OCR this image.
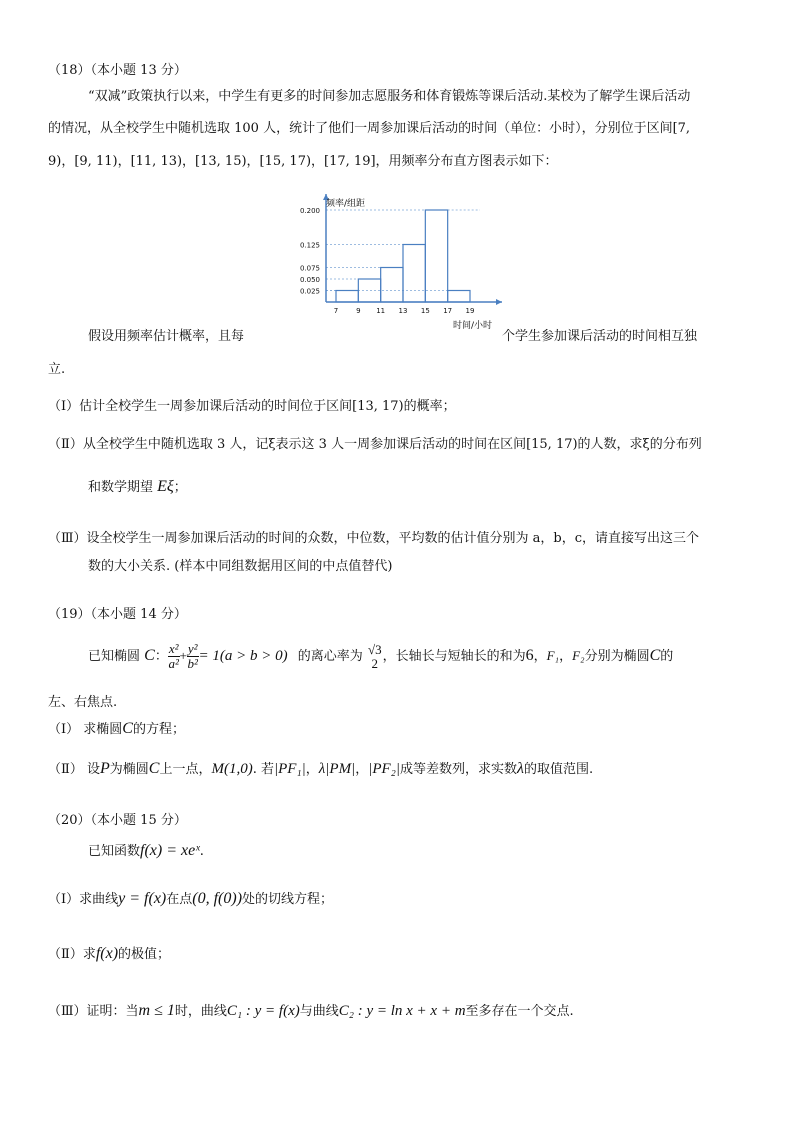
（18）（本小题 13 分）
“双减”政策执行以来，中学生有更多的时间参加志愿服务和体育锻炼等课后活动.某校为了解学生课后活动
的情况，从全校学生中随机选取 100 人，统计了他们一周参加课后活动的时间（单位：小时），分别位于区间[7,
9)，[9, 11)，[11, 13)，[13, 15)，[15, 17)，[17, 19]，用频率分布直方图表示如下：
0.200
0.125
0.075
0.050
0.025
7	9 11 13 15 17 19
频率/组距
时间/小时
假设用频率估计概率，且每	个学生参加课后活动的时间相互独
立.
（Ⅰ）估计全校学生一周参加课后活动的时间位于区间[13, 17)的概率；
（Ⅱ）从全校学生中随机选取 3 人，记ξ表示这 3 人一周参加课后活动的时间在区间[15, 17)的人数，求ξ的分布列
和数学期望 Eξ；
（Ⅲ）设全校学生一周参加课后活动的时间的众数，中位数，平均数的估计值分别为 a，b，c，请直接写出这三个
数的大小关系. (样本中同组数据用区间的中点值替代)
（19）（本小题 14 分）
已知椭圆 C： $\frac{\text{x²}}{\text{a²}} + \frac{\text{y²}}{\text{b²}} = 1(a > b > 0)$ 的离心率为 √3
2 ，长轴长与短轴长的和为6，F₁，F₂分别为椭圆C的
左、右焦点.
（Ⅰ） 求椭圆C的方程；
（Ⅱ） 设P为椭圆C上一点，M(1,0). 若|PF₁|，λ|PM|，|PF₂|成等差数列，求实数λ的取值范围.
（20）（本小题 15 分）
已知函数f(x) = xeˣ.
（Ⅰ）求曲线y = f(x)在点(0, f(0))处的切线方程；
（Ⅱ）求f(x)的极值；
（Ⅲ）证明：当m ≤ 1时，曲线C₁ : y = f(x)与曲线C₂ : y = ln x + x + m至多存在一个交点.
